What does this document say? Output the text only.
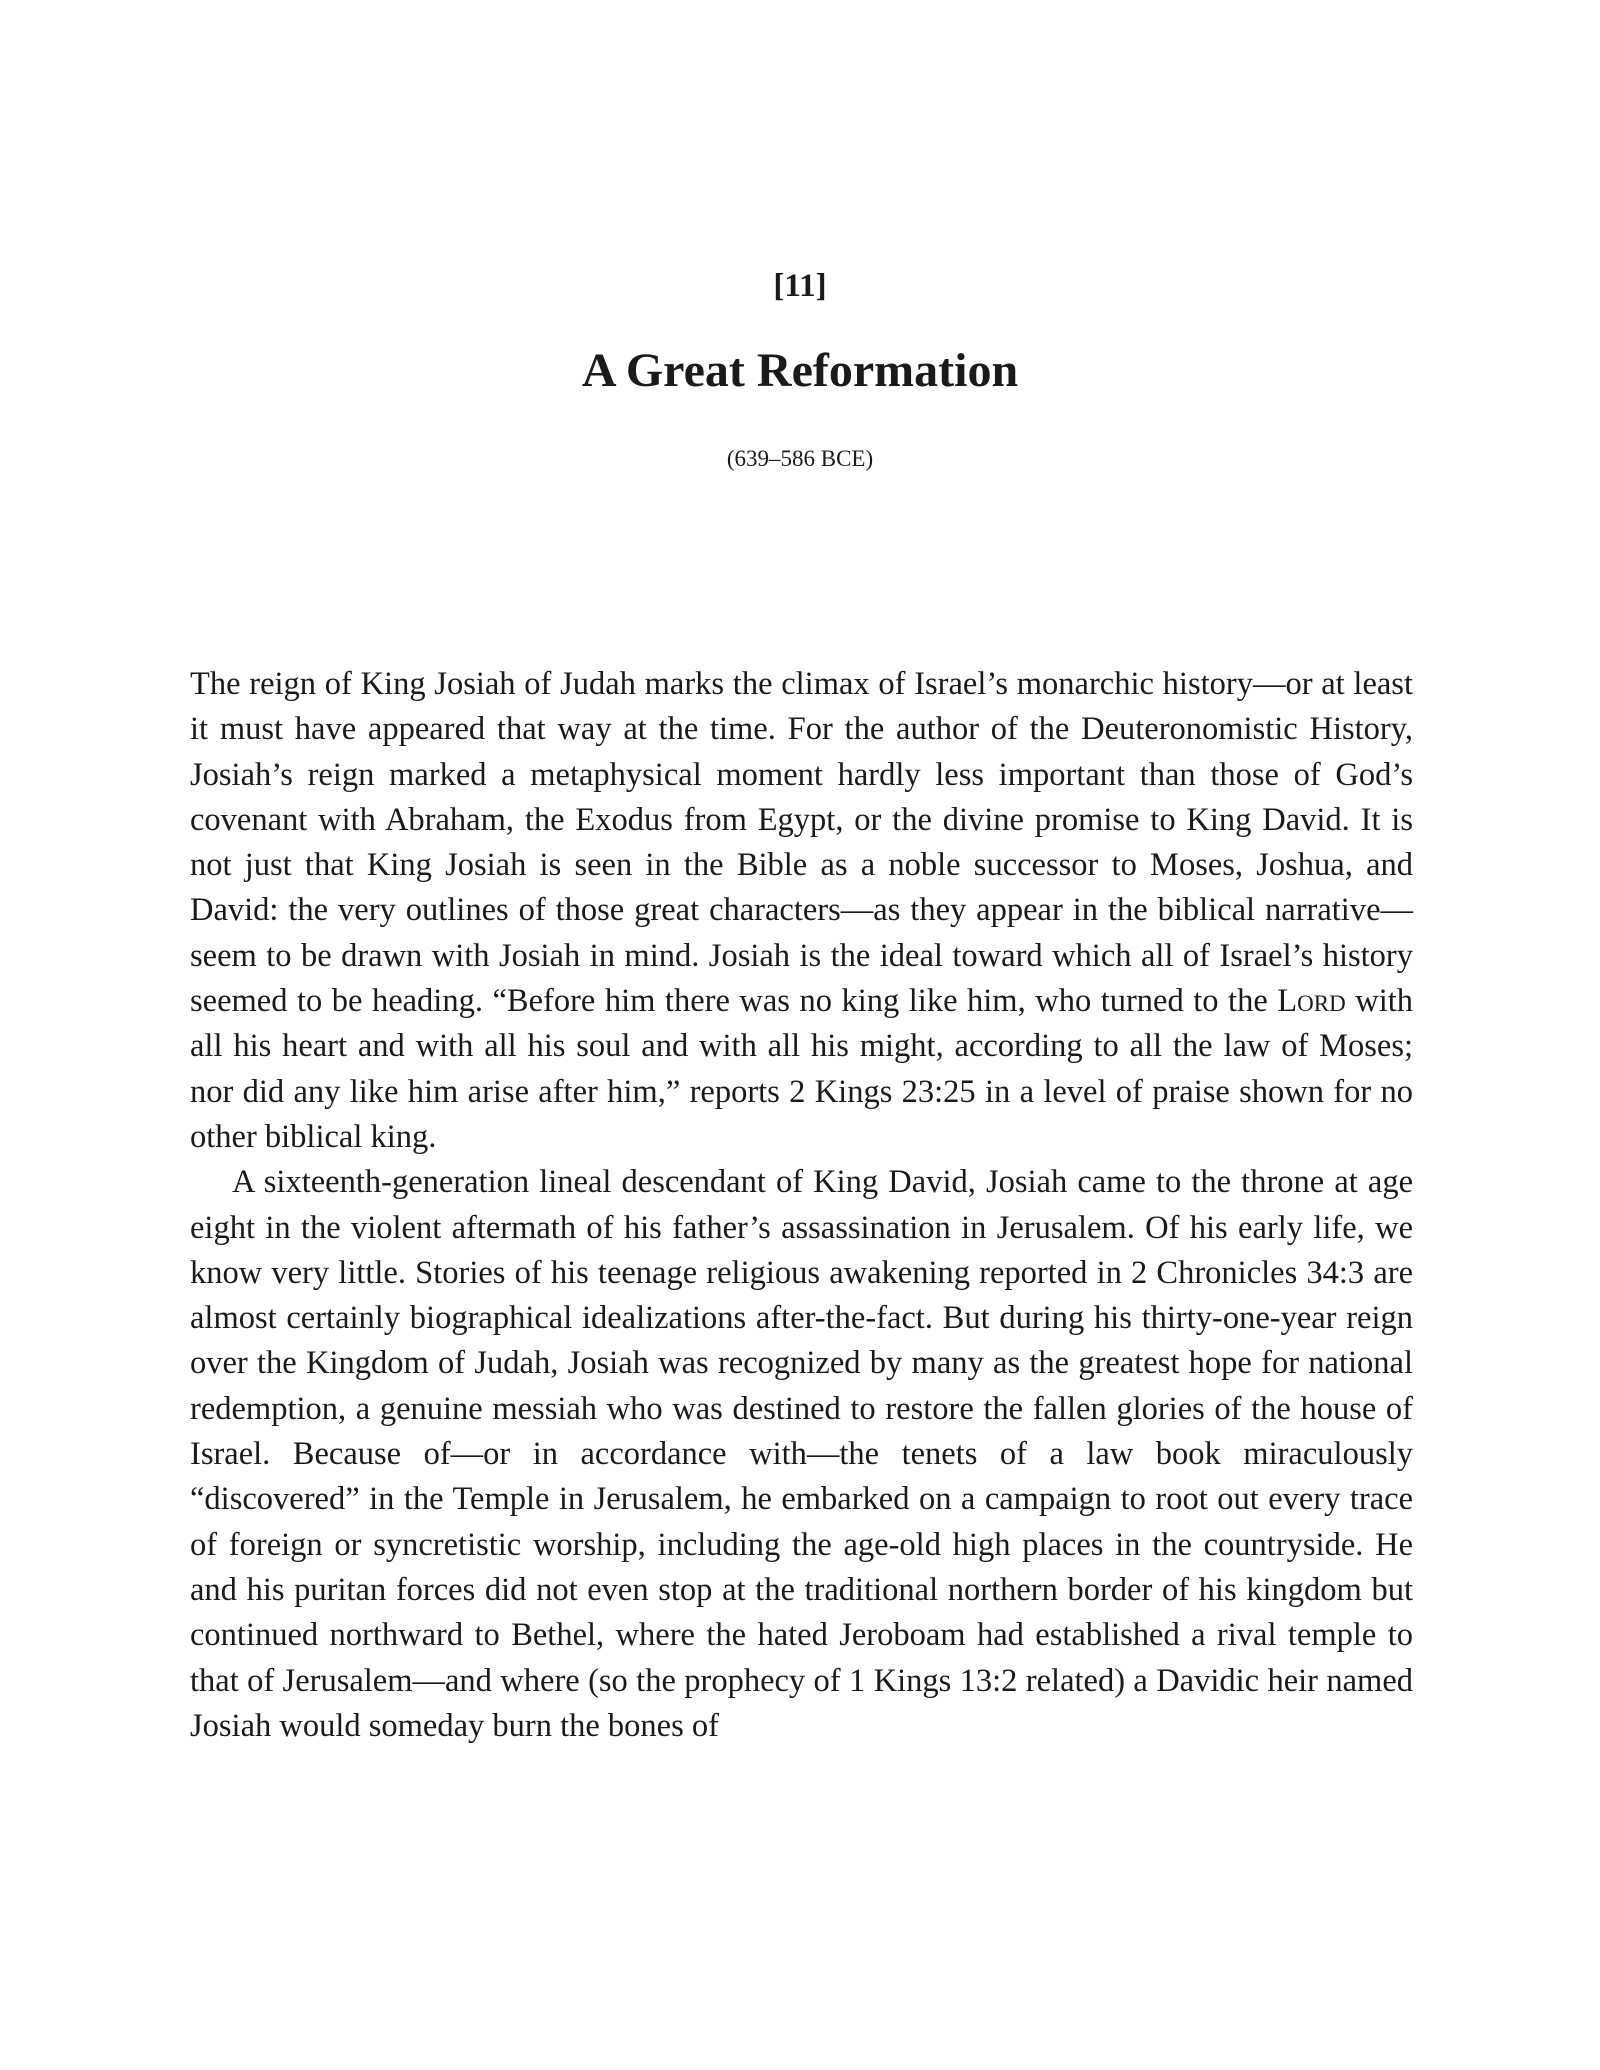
[11]
A Great Reformation
(639–586 BCE)

The reign of King Josiah of Judah marks the climax of Israel’s monarchic history—or at least it must have appeared that way at the time. For the author of the Deuteronomistic History, Josiah’s reign marked a metaphysical moment hardly less important than those of God’s covenant with Abraham, the Exodus from Egypt, or the divine promise to King David. It is not just that King Josiah is seen in the Bible as a noble successor to Moses, Joshua, and David: the very outlines of those great characters—as they appear in the biblical narrative—seem to be drawn with Josiah in mind. Josiah is the ideal toward which all of Israel’s history seemed to be heading. “Before him there was no king like him, who turned to the Lord with all his heart and with all his soul and with all his might, according to all the law of Moses; nor did any like him arise after him,” reports 2 Kings 23:25 in a level of praise shown for no other biblical king.

A sixteenth-generation lineal descendant of King David, Josiah came to the throne at age eight in the violent aftermath of his father’s assassination in Jerusalem. Of his early life, we know very little. Stories of his teenage religious awakening reported in 2 Chronicles 34:3 are almost certainly biographical idealizations after-the-fact. But during his thirty-one-year reign over the Kingdom of Judah, Josiah was recognized by many as the greatest hope for national redemption, a genuine messiah who was destined to restore the fallen glories of the house of Israel. Because of—or in accordance with—the tenets of a law book miraculously “discovered” in the Temple in Jerusalem, he embarked on a campaign to root out every trace of foreign or syncretistic worship, including the age-old high places in the countryside. He and his puritan forces did not even stop at the traditional northern border of his kingdom but continued northward to Bethel, where the hated Jeroboam had established a rival temple to that of Jerusalem—and where (so the prophecy of 1 Kings 13:2 related) a Davidic heir named Josiah would someday burn the bones of
